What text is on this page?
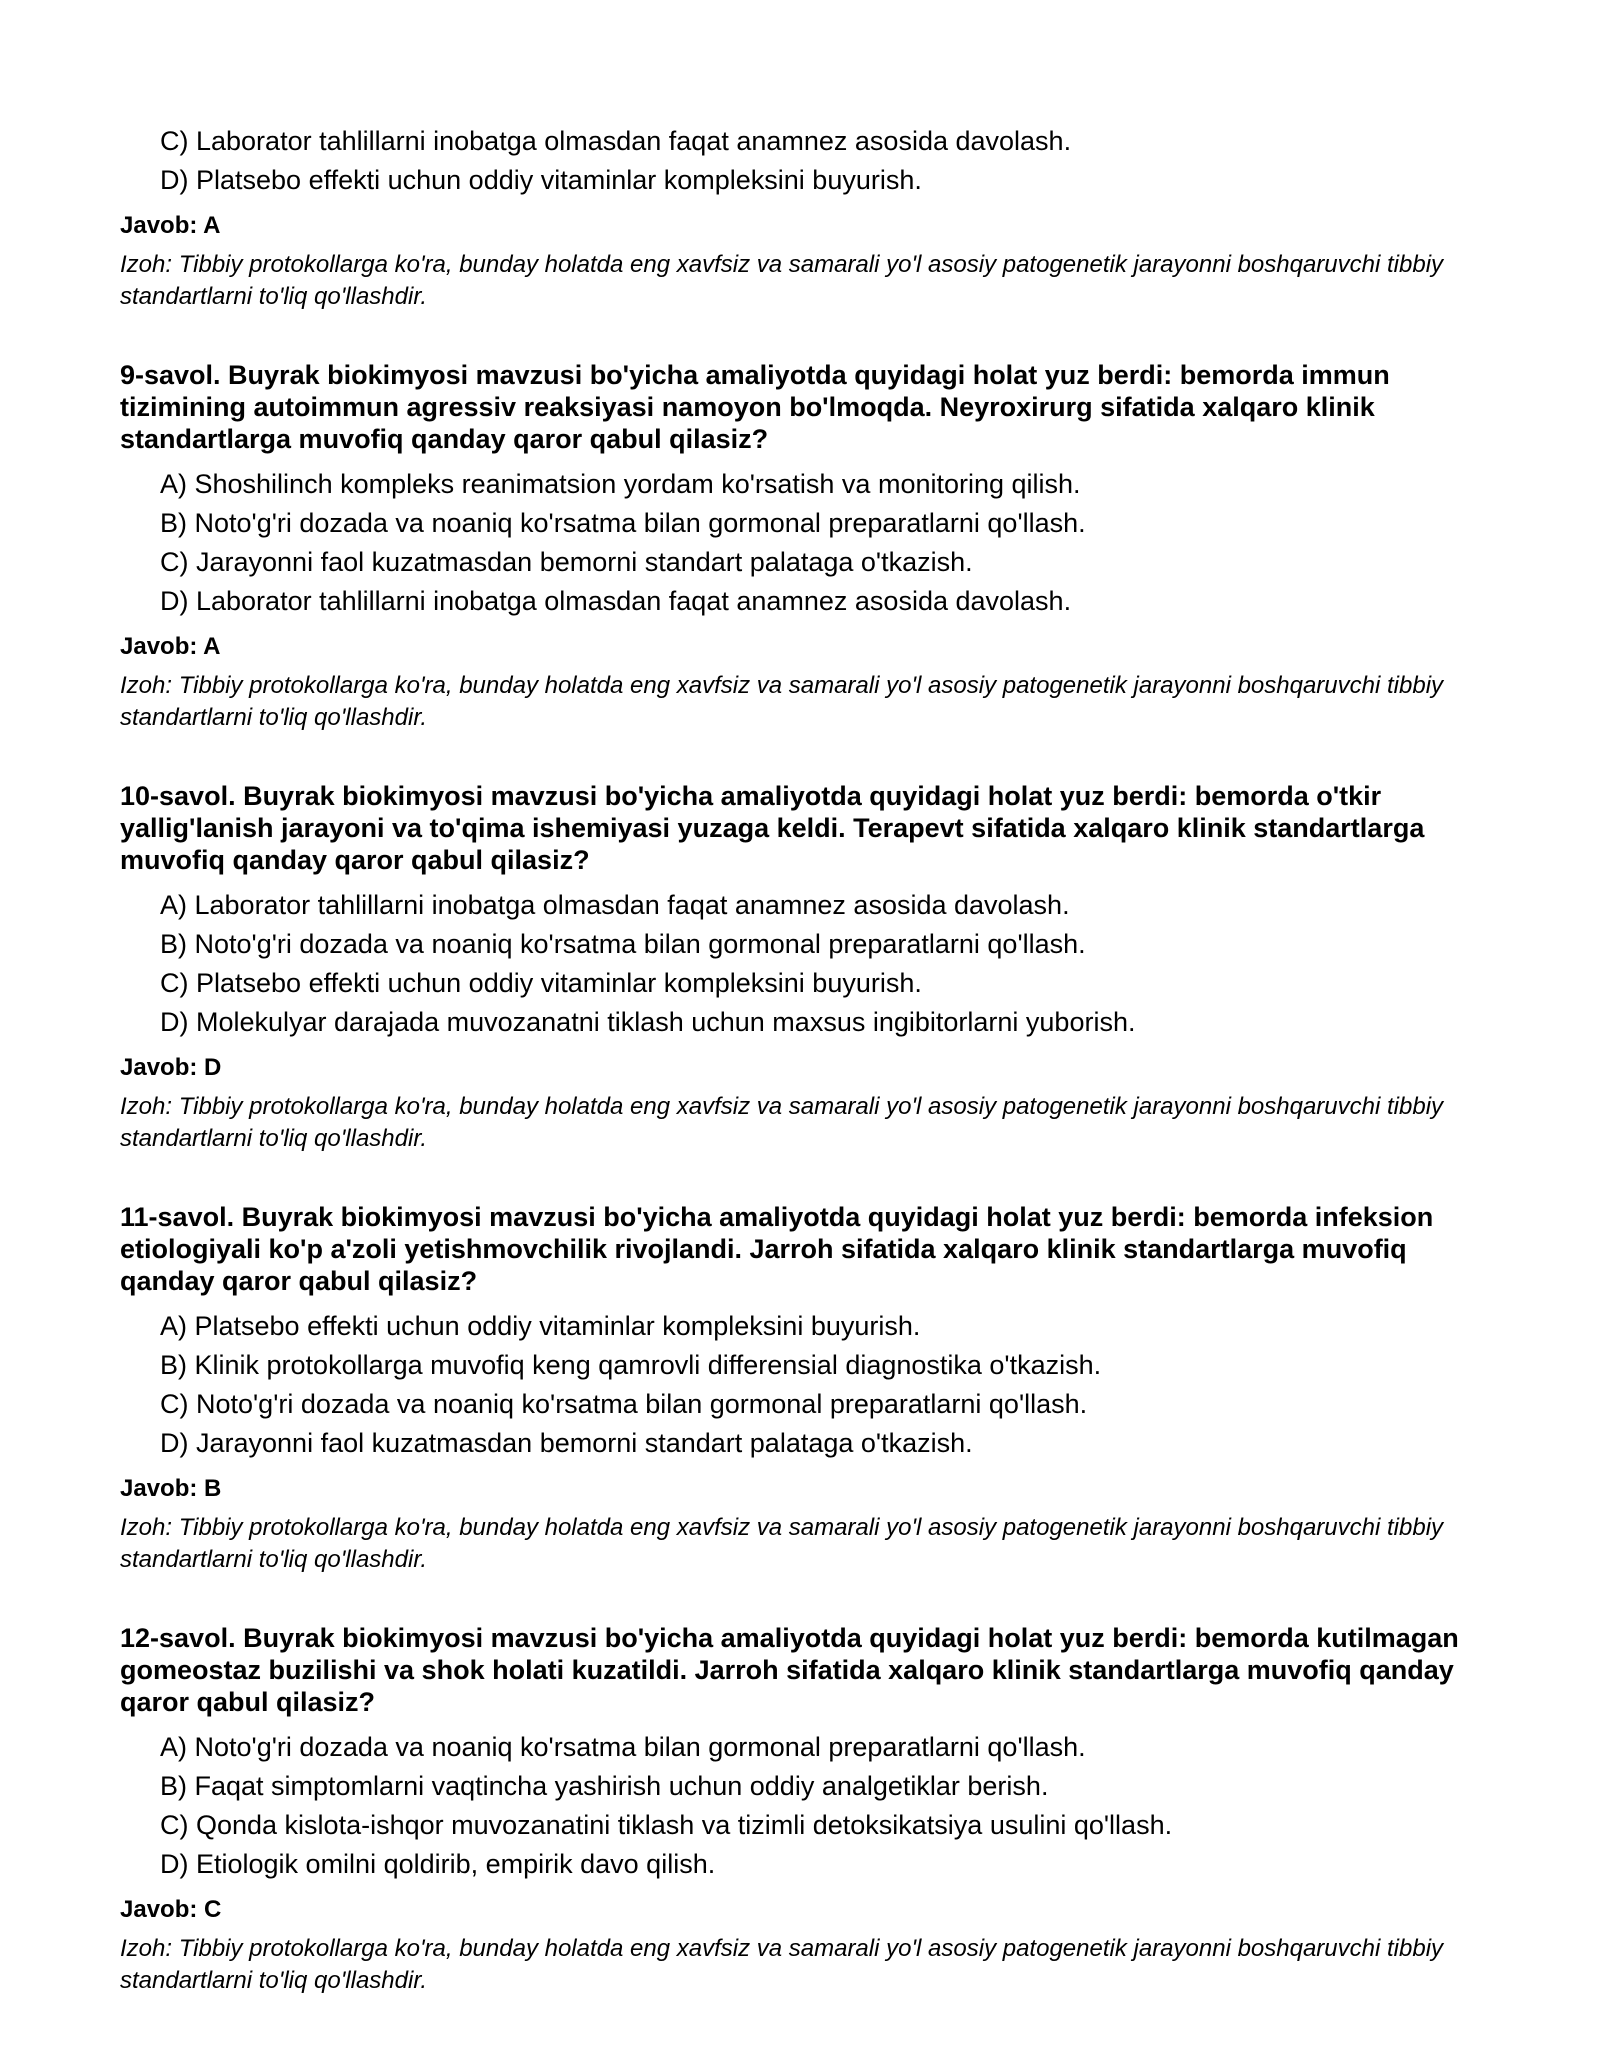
C) Laborator tahlillarni inobatga olmasdan faqat anamnez asosida davolash.
D) Platsebo effekti uchun oddiy vitaminlar kompleksini buyurish.
Javob: A
Izoh: Tibbiy protokollarga ko'ra, bunday holatda eng xavfsiz va samarali yo'l asosiy patogenetik jarayonni boshqaruvchi tibbiy standartlarni to'liq qo'llashdir.
9-savol. Buyrak biokimyosi mavzusi bo'yicha amaliyotda quyidagi holat yuz berdi: bemorda immun tizimining autoimmun agressiv reaksiyasi namoyon bo'lmoqda. Neyroxirurg sifatida xalqaro klinik standartlarga muvofiq qanday qaror qabul qilasiz?
A) Shoshilinch kompleks reanimatsion yordam ko'rsatish va monitoring qilish.
B) Noto'g'ri dozada va noaniq ko'rsatma bilan gormonal preparatlarni qo'llash.
C) Jarayonni faol kuzatmasdan bemorni standart palataga o'tkazish.
D) Laborator tahlillarni inobatga olmasdan faqat anamnez asosida davolash.
Javob: A
Izoh: Tibbiy protokollarga ko'ra, bunday holatda eng xavfsiz va samarali yo'l asosiy patogenetik jarayonni boshqaruvchi tibbiy standartlarni to'liq qo'llashdir.
10-savol. Buyrak biokimyosi mavzusi bo'yicha amaliyotda quyidagi holat yuz berdi: bemorda o'tkir yallig'lanish jarayoni va to'qima ishemiyasi yuzaga keldi. Terapevt sifatida xalqaro klinik standartlarga muvofiq qanday qaror qabul qilasiz?
A) Laborator tahlillarni inobatga olmasdan faqat anamnez asosida davolash.
B) Noto'g'ri dozada va noaniq ko'rsatma bilan gormonal preparatlarni qo'llash.
C) Platsebo effekti uchun oddiy vitaminlar kompleksini buyurish.
D) Molekulyar darajada muvozanatni tiklash uchun maxsus ingibitorlarni yuborish.
Javob: D
Izoh: Tibbiy protokollarga ko'ra, bunday holatda eng xavfsiz va samarali yo'l asosiy patogenetik jarayonni boshqaruvchi tibbiy standartlarni to'liq qo'llashdir.
11-savol. Buyrak biokimyosi mavzusi bo'yicha amaliyotda quyidagi holat yuz berdi: bemorda infeksion etiologiyali ko'p a'zoli yetishmovchilik rivojlandi. Jarroh sifatida xalqaro klinik standartlarga muvofiq qanday qaror qabul qilasiz?
A) Platsebo effekti uchun oddiy vitaminlar kompleksini buyurish.
B) Klinik protokollarga muvofiq keng qamrovli differensial diagnostika o'tkazish.
C) Noto'g'ri dozada va noaniq ko'rsatma bilan gormonal preparatlarni qo'llash.
D) Jarayonni faol kuzatmasdan bemorni standart palataga o'tkazish.
Javob: B
Izoh: Tibbiy protokollarga ko'ra, bunday holatda eng xavfsiz va samarali yo'l asosiy patogenetik jarayonni boshqaruvchi tibbiy standartlarni to'liq qo'llashdir.
12-savol. Buyrak biokimyosi mavzusi bo'yicha amaliyotda quyidagi holat yuz berdi: bemorda kutilmagan gomeostaz buzilishi va shok holati kuzatildi. Jarroh sifatida xalqaro klinik standartlarga muvofiq qanday qaror qabul qilasiz?
A) Noto'g'ri dozada va noaniq ko'rsatma bilan gormonal preparatlarni qo'llash.
B) Faqat simptomlarni vaqtincha yashirish uchun oddiy analgetiklar berish.
C) Qonda kislota-ishqor muvozanatini tiklash va tizimli detoksikatsiya usulini qo'llash.
D) Etiologik omilni qoldirib, empirik davo qilish.
Javob: C
Izoh: Tibbiy protokollarga ko'ra, bunday holatda eng xavfsiz va samarali yo'l asosiy patogenetik jarayonni boshqaruvchi tibbiy standartlarni to'liq qo'llashdir.
